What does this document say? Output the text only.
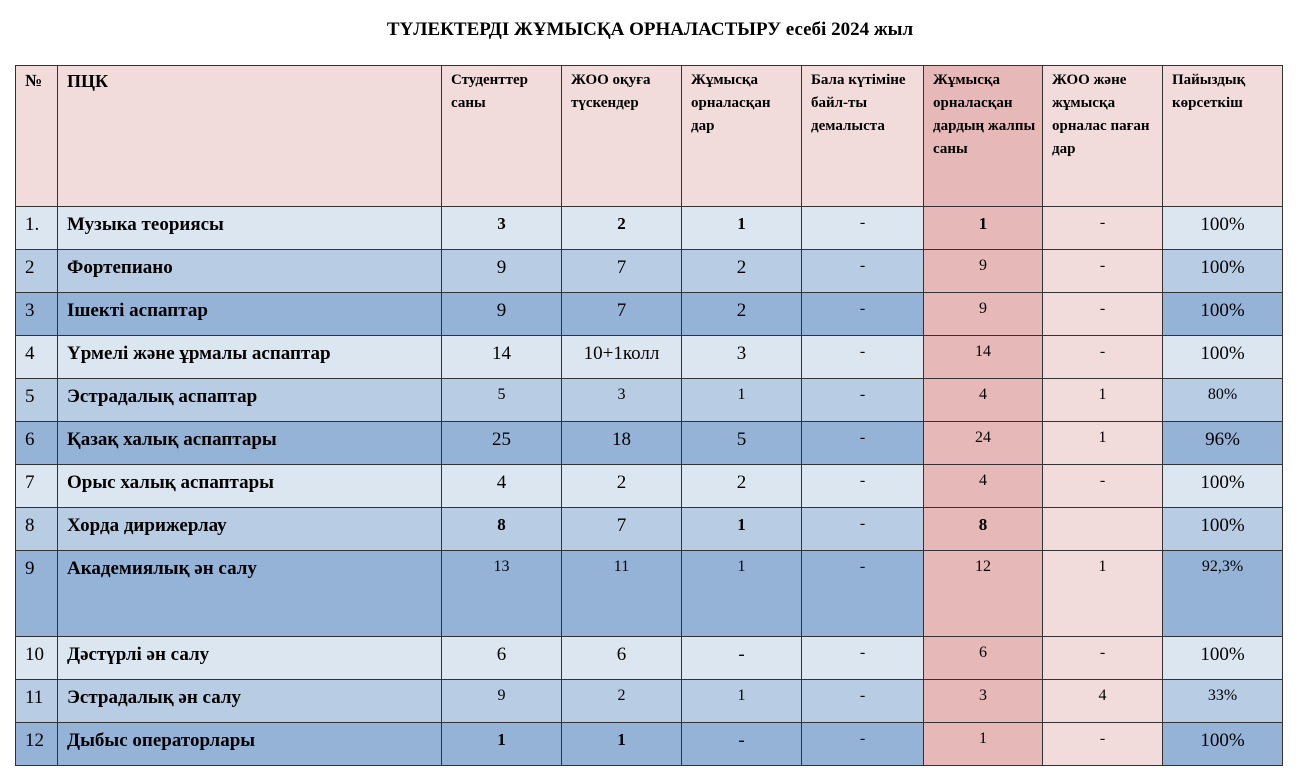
ТҮЛЕКТЕРДІ ЖҰМЫСҚА ОРНАЛАСТЫРУ есебі 2024 жыл
№	ПЦК	Студенттер саны	ЖОО оқуға түскендер	Жұмысқа орналасқан дар	Бала күтіміне байл-ты демалыста	Жұмысқа орналасқан дардың жалпы саны	ЖОО және жұмысқа орналас паған дар	Пайыздық көрсеткіш

1.	Музыка теориясы	3	2	1	-	1	-	100%

2	Фортепиано	9	7	2	-	9	-	100%

3	Ішекті аспаптар	9	7	2	-	9	-	100%

4	Үрмелі және ұрмалы аспаптар	14	10+1колл	3	-	14	-	100%

5	Эстрадалық аспаптар	5	3	1	-	4	1	80%

6	Қазақ халық аспаптары	25	18	5	-	24	1	96%

7	Орыс халық аспаптары	4	2	2	-	4	-	100%

8	Хорда дирижерлау	8	7	1	-	8		100%

9	Академиялық ән салу	13	11	1	-	12	1	92,3%

10	Дәстүрлі ән салу	6	6	-	-	6	-	100%

11	Эстрадалық ән салу	9	2	1	-	3	4	33%

12	Дыбыс операторлары	1	1	-	-	1	-	100%
